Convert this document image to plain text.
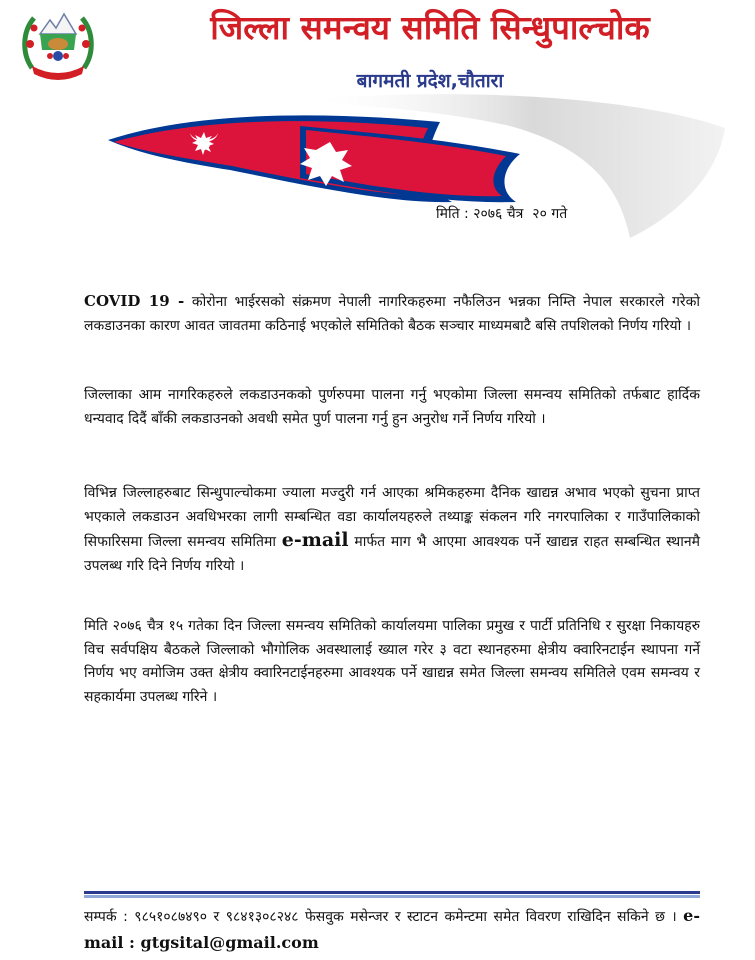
जिल्ला समन्वय समिति सिन्धुपाल्चोक
बागमती प्रदेश,चौतारा
मिति : २०७६ चैत्र  २० गते

COVID 19 - कोरोना भाईरसको संक्रमण नेपाली नागरिकहरुमा नफैलिउन भन्नका निम्ति नेपाल सरकारले गरेको लकडाउनका कारण आवत जावतमा कठिनाई भएकोले समितिको बैठक सञ्चार माध्यमबाटै बसि तपशिलको निर्णय गरियो ।

जिल्लाका आम नागरिकहरुले लकडाउनकको पुर्णरुपमा पालना गर्नु भएकोमा जिल्ला समन्वय समितिको तर्फबाट हार्दिक धन्यवाद दिदैं बाँकी लकडाउनको अवधी समेत पुर्ण पालना गर्नु हुन अनुरोध गर्ने निर्णय गरियो ।

विभिन्न जिल्लाहरुबाट सिन्धुपाल्चोकमा ज्याला मज्दुरी गर्न आएका श्रमिकहरुमा दैनिक खाद्यन्न अभाव भएको सुचना प्राप्त भएकाले लकडाउन अवधिभरका लागी सम्बन्धित वडा कार्यालयहरुले तथ्याङ्क संकलन गरि नगरपालिका र गाउँपालिकाको सिफारिसमा जिल्ला समन्वय समितिमा e-mail मार्फत माग भै आएमा आवश्यक पर्ने खाद्यन्न राहत सम्बन्धित स्थानमै उपलब्ध गरि दिने निर्णय गरियो ।

मिति २०७६ चैत्र १५ गतेका दिन जिल्ला समन्वय समितिको कार्यालयमा पालिका प्रमुख र पार्टी प्रतिनिधि र सुरक्षा निकायहरु विच सर्वपक्षिय बैठकले जिल्लाको भौगोलिक अवस्थालाई ख्याल गरेर ३ वटा स्थानहरुमा क्षेत्रीय क्वारिनटाईन स्थापना गर्ने निर्णय भए वमोजिम उक्त क्षेत्रीय क्वारिनटाईनहरुमा आवश्यक पर्ने खाद्यन्न समेत जिल्ला समन्वय समितिले एवम समन्वय र सहकार्यमा उपलब्ध गरिने ।

सम्पर्क : ९८५१०८७४९० र ९८४१३०८२४८ फेसवुक मसेन्जर र स्टाटन कमेन्टमा समेत विवरण राखिदिन सकिने छ । e-mail : gtgsital@gmail.com
